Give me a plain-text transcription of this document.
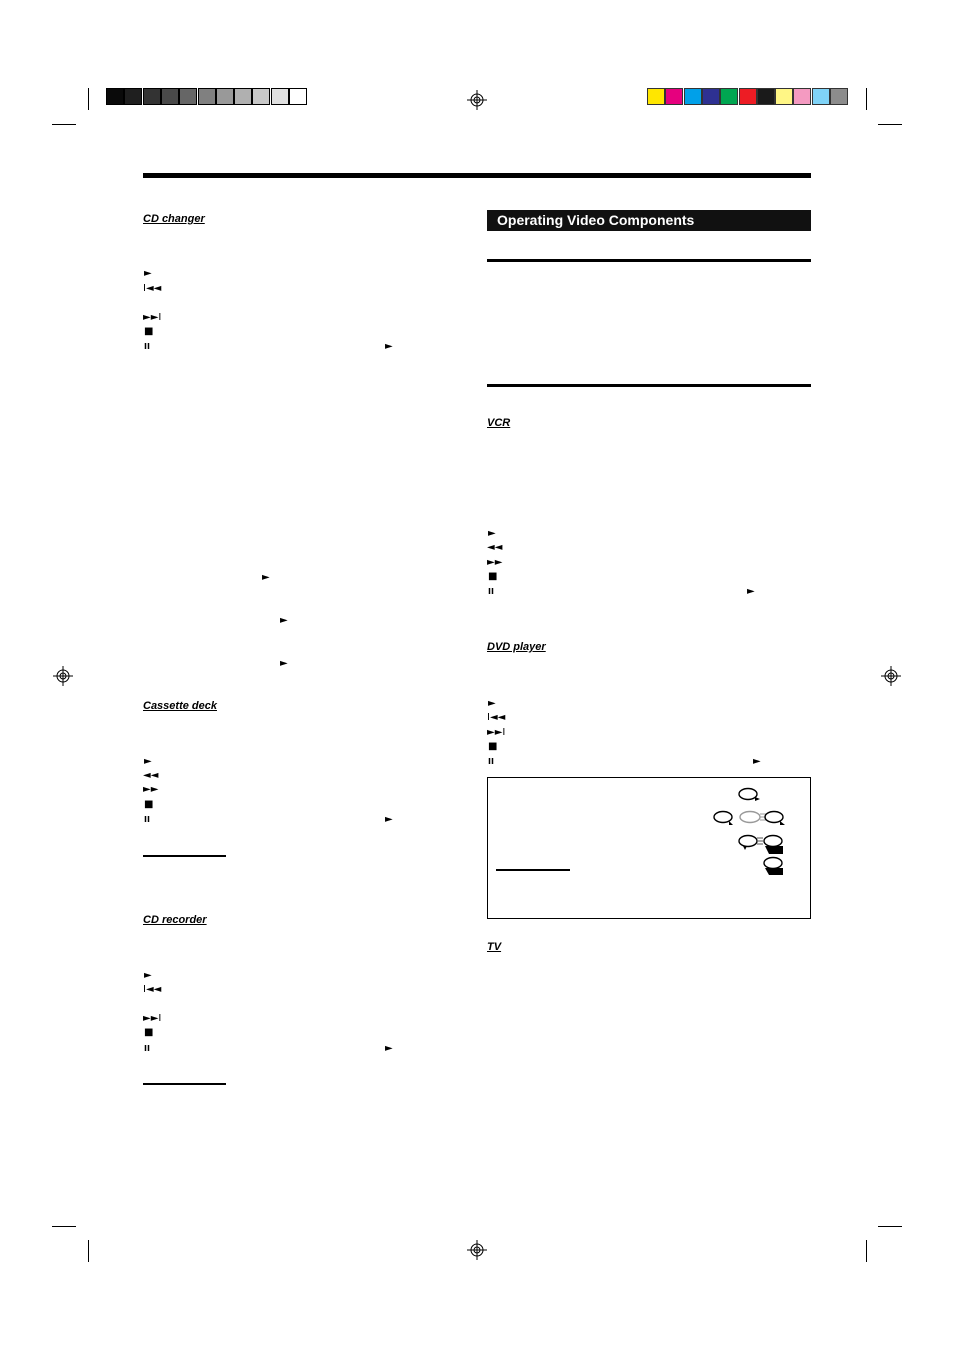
CD changer
►
I◄◄
►►I
■
II	►
►
►
►
Cassette deck
►
◄◄
►►
■
II	►
CD recorder
►
I◄◄
►►I
■
II	►
Operating Video Components
VCR
►
◄◄
►►
■
II	►
DVD player
►
I◄◄
►►I
■
II	►
TV
